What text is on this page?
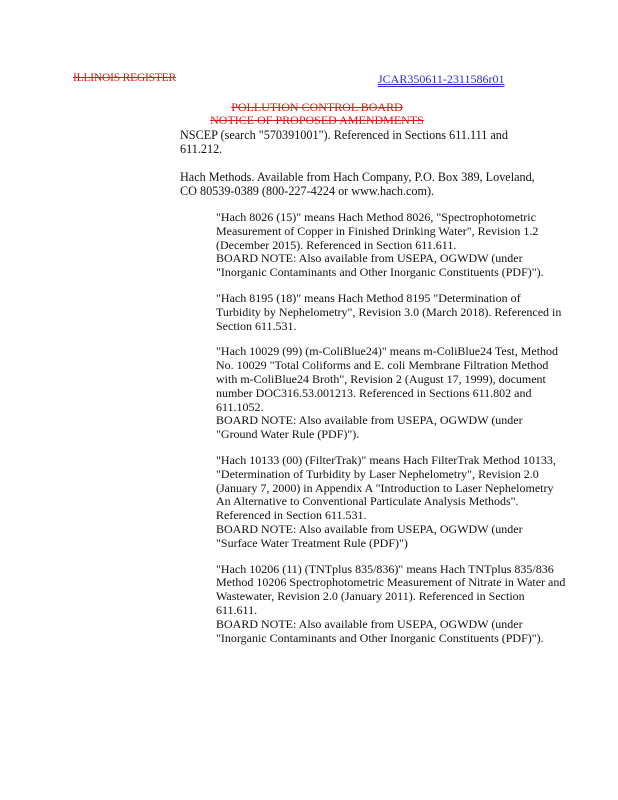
ILLINOIS REGISTER	JCAR350611-2311586r01
POLLUTION CONTROL BOARD
NOTICE OF PROPOSED AMENDMENTS

NSCEP (search "570391001"). Referenced in Sections 611.111 and 611.212.

Hach Methods. Available from Hach Company, P.O. Box 389, Loveland, CO 80539-0389 (800-227-4224 or www.hach.com).

"Hach 8026 (15)" means Hach Method 8026, "Spectrophotometric Measurement of Copper in Finished Drinking Water", Revision 1.2 (December 2015). Referenced in Section 611.611.

BOARD NOTE: Also available from USEPA, OGWDW (under "Inorganic Contaminants and Other Inorganic Constituents (PDF)").

"Hach 8195 (18)" means Hach Method 8195 "Determination of Turbidity by Nephelometry", Revision 3.0 (March 2018). Referenced in Section 611.531.

"Hach 10029 (99) (m-ColiBlue24)" means m-ColiBlue24 Test, Method No. 10029 "Total Coliforms and E. coli Membrane Filtration Method with m-ColiBlue24 Broth", Revision 2 (August 17, 1999), document number DOC316.53.001213. Referenced in Sections 611.802 and 611.1052.

BOARD NOTE: Also available from USEPA, OGWDW (under "Ground Water Rule (PDF)").

"Hach 10133 (00) (FilterTrak)" means Hach FilterTrak Method 10133, "Determination of Turbidity by Laser Nephelometry", Revision 2.0 (January 7, 2000) in Appendix A "Introduction to Laser Nephelometry An Alternative to Conventional Particulate Analysis Methods". Referenced in Section 611.531.

BOARD NOTE: Also available from USEPA, OGWDW (under "Surface Water Treatment Rule (PDF)")

"Hach 10206 (11) (TNTplus 835/836)" means Hach TNTplus 835/836 Method 10206 Spectrophotometric Measurement of Nitrate in Water and Wastewater, Revision 2.0 (January 2011). Referenced in Section 611.611.

BOARD NOTE: Also available from USEPA, OGWDW (under "Inorganic Contaminants and Other Inorganic Constituents (PDF)").
